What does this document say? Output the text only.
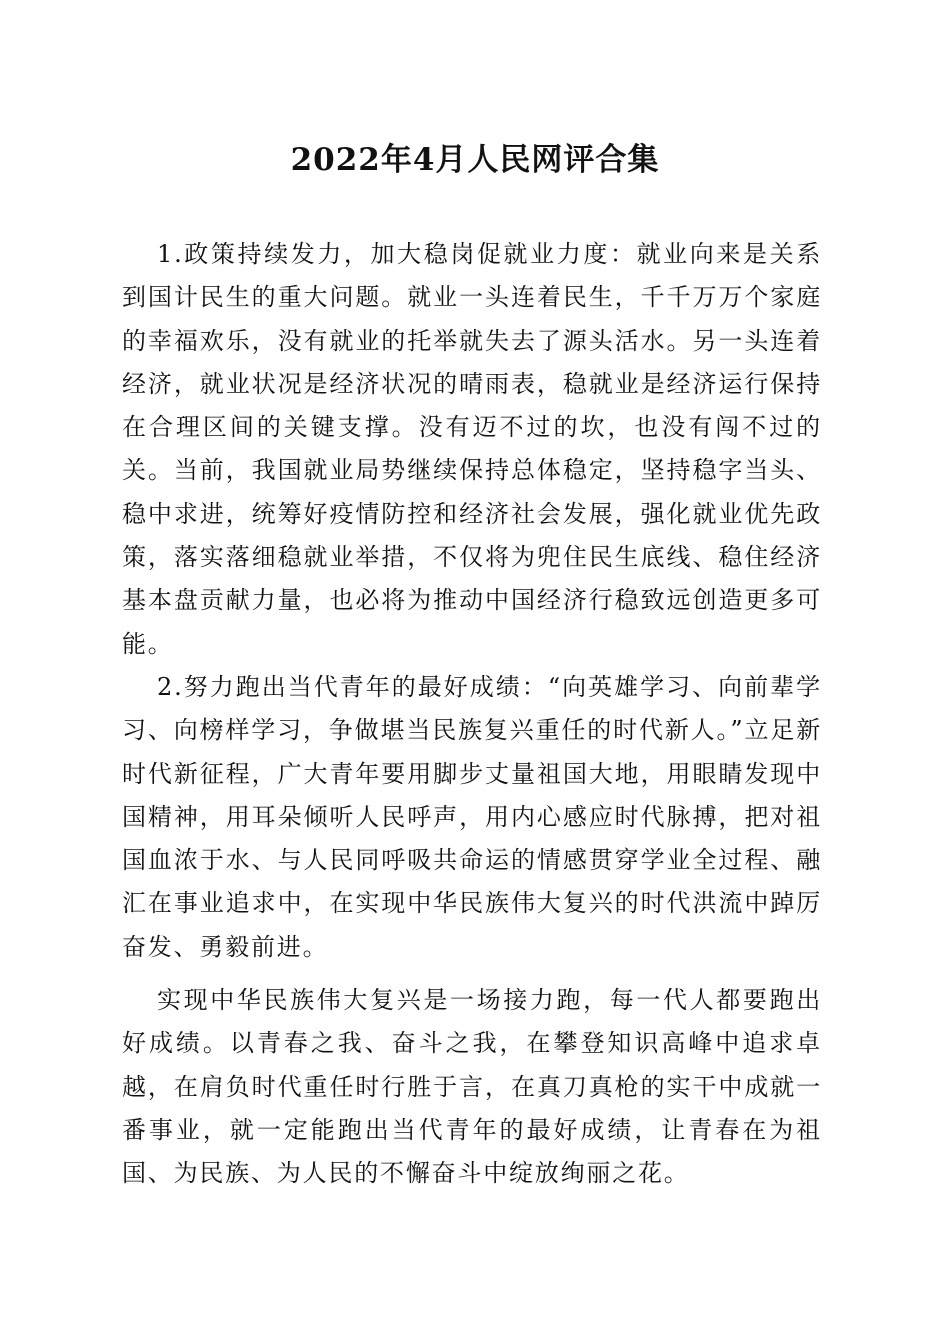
2022年4月人民网评合集

1.政策持续发力，加大稳岗促就业力度：就业向来是关系到国计民生的重大问题。就业一头连着民生，千千万万个家庭的幸福欢乐，没有就业的托举就失去了源头活水。另一头连着经济，就业状况是经济状况的晴雨表，稳就业是经济运行保持在合理区间的关键支撑。没有迈不过的坎，也没有闯不过的关。当前，我国就业局势继续保持总体稳定，坚持稳字当头、稳中求进，统筹好疫情防控和经济社会发展，强化就业优先政策，落实落细稳就业举措，不仅将为兜住民生底线、稳住经济基本盘贡献力量，也必将为推动中国经济行稳致远创造更多可能。

2.努力跑出当代青年的最好成绩：“向英雄学习、向前辈学习、向榜样学习，争做堪当民族复兴重任的时代新人。”立足新时代新征程，广大青年要用脚步丈量祖国大地，用眼睛发现中国精神，用耳朵倾听人民呼声，用内心感应时代脉搏，把对祖国血浓于水、与人民同呼吸共命运的情感贯穿学业全过程、融汇在事业追求中，在实现中华民族伟大复兴的时代洪流中踔厉奋发、勇毅前进。

实现中华民族伟大复兴是一场接力跑，每一代人都要跑出好成绩。以青春之我、奋斗之我，在攀登知识高峰中追求卓越，在肩负时代重任时行胜于言，在真刀真枪的实干中成就一番事业，就一定能跑出当代青年的最好成绩，让青春在为祖国、为民族、为人民的不懈奋斗中绽放绚丽之花。
